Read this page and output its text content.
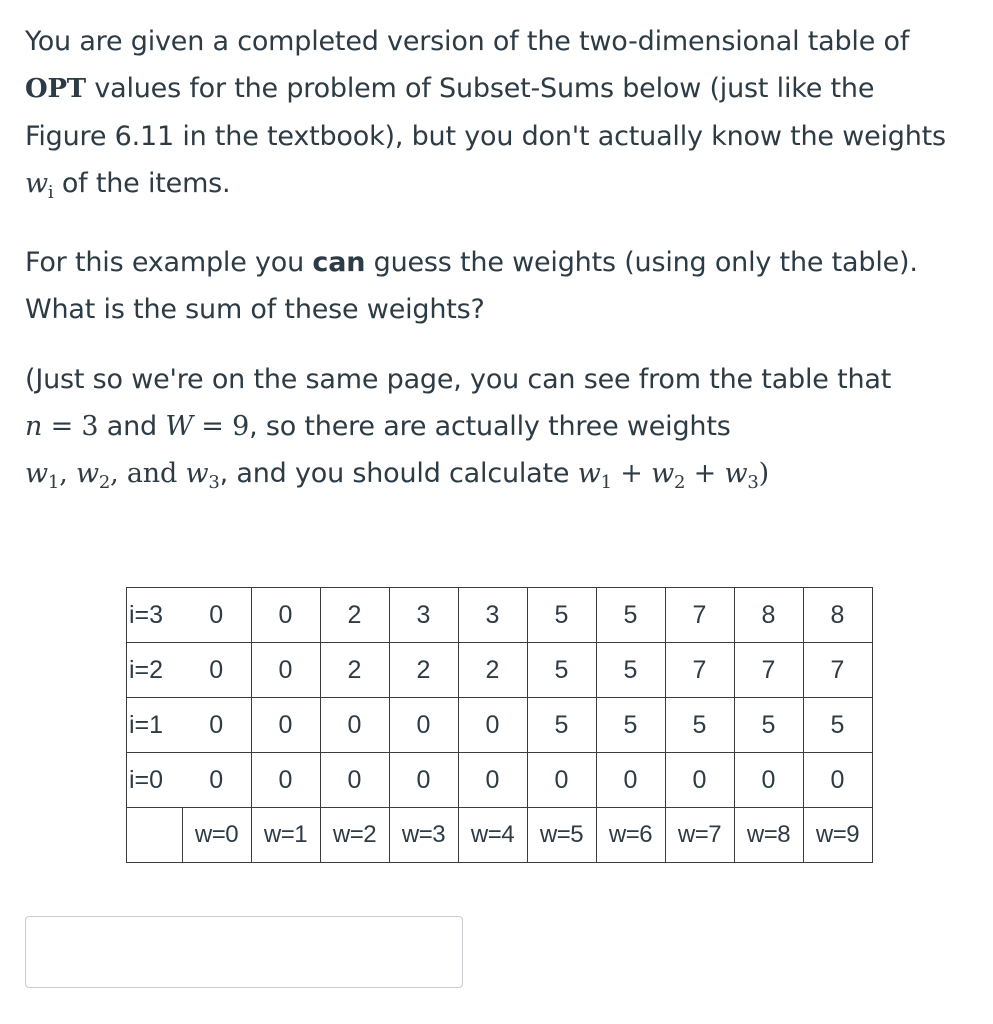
You are given a completed version of the two-dimensional table of
OPT values for the problem of Subset-Sums below (just like the
Figure 6.11 in the textbook), but you don't actually know the weights
$w_i$ of the items.

For this example you can guess the weights (using only the table).
What is the sum of these weights?

(Just so we're on the same page, you can see from the table that
n = 3 and W = 9, so there are actually three weights
$w_1$, $w_2$, and $w_3$, and you should calculate $w_1 + w_2 + w_3$)

i=3	0	0	2	3	3	5	5	7	8	8
i=2	0	0	2	2	2	5	5	7	7	7
i=1	0	0	0	0	0	5	5	5	5	5
i=0	0	0	0	0	0	0	0	0	0	0
	w=0	w=1	w=2	w=3	w=4	w=5	w=6	w=7	w=8	w=9
